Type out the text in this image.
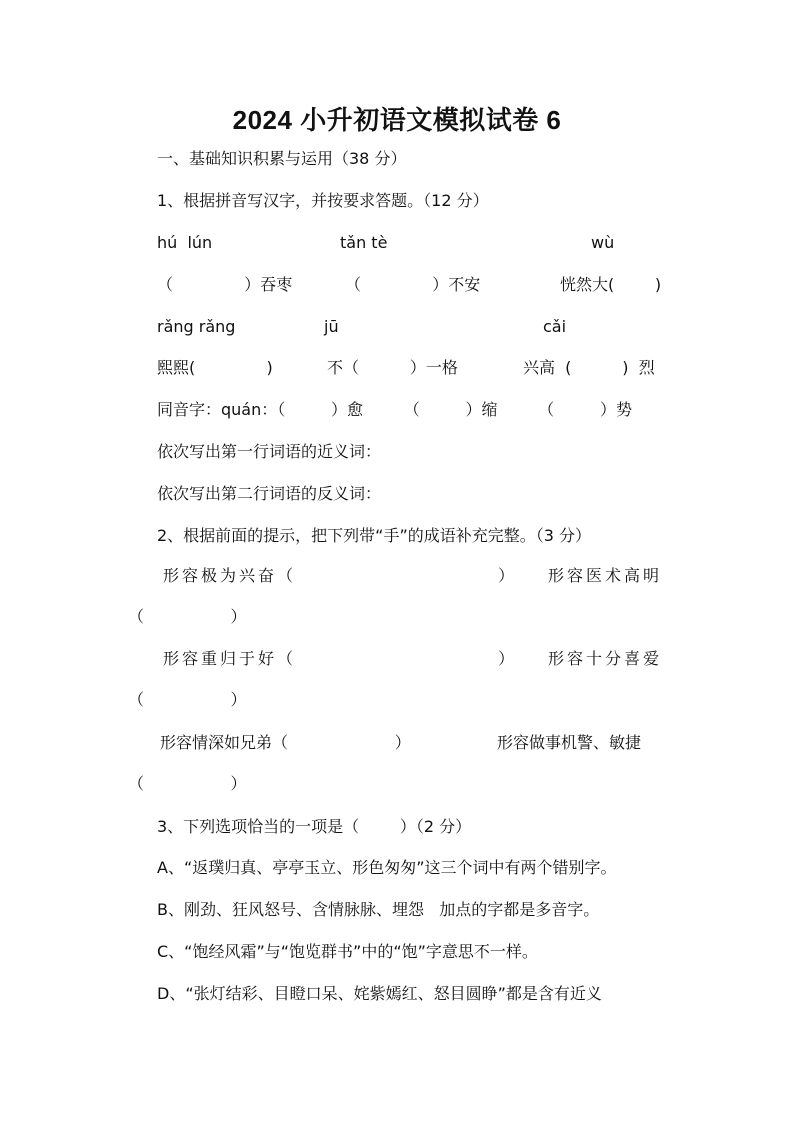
2024 小升初语文模拟试卷 6
一、基础知识积累与运用（38 分）
1、根据拼音写汉字，并按要求答题。（12 分）
hú  lún	tǎn tè	wù
（              ）吞枣	（              ）不安	恍然大(        )
rǎng rǎng	jū	cǎi
熙熙(              )	不（          ）一格	兴高  (          )  烈
同音字：quán：（         ）愈        （         ）缩        （         ）势
依次写出第一行词语的近义词：
依次写出第二行词语的反义词：
2、根据前面的提示，把下列带“手”的成语补充完整。（3 分）
形容极为兴奋（                         ） 形容医术高明
（                 ）
形容重归于好（                         ） 形容十分喜爱
（                 ）
形容情深如兄弟（                     ）	形容做事机警、敏捷
（                 ）
3、下列选项恰当的一项是（        ）（2 分）
A、“返璞归真、亭亭玉立、形色匆匆”这三个词中有两个错别字。
B、刚劲、狂风怒号、含情脉脉、埋怨   加点的字都是多音字。
C、“饱经风霜”与“饱览群书”中的“饱”字意思不一样。
D、“张灯结彩、目瞪口呆、姹紫嫣红、怒目圆睁”都是含有近义
